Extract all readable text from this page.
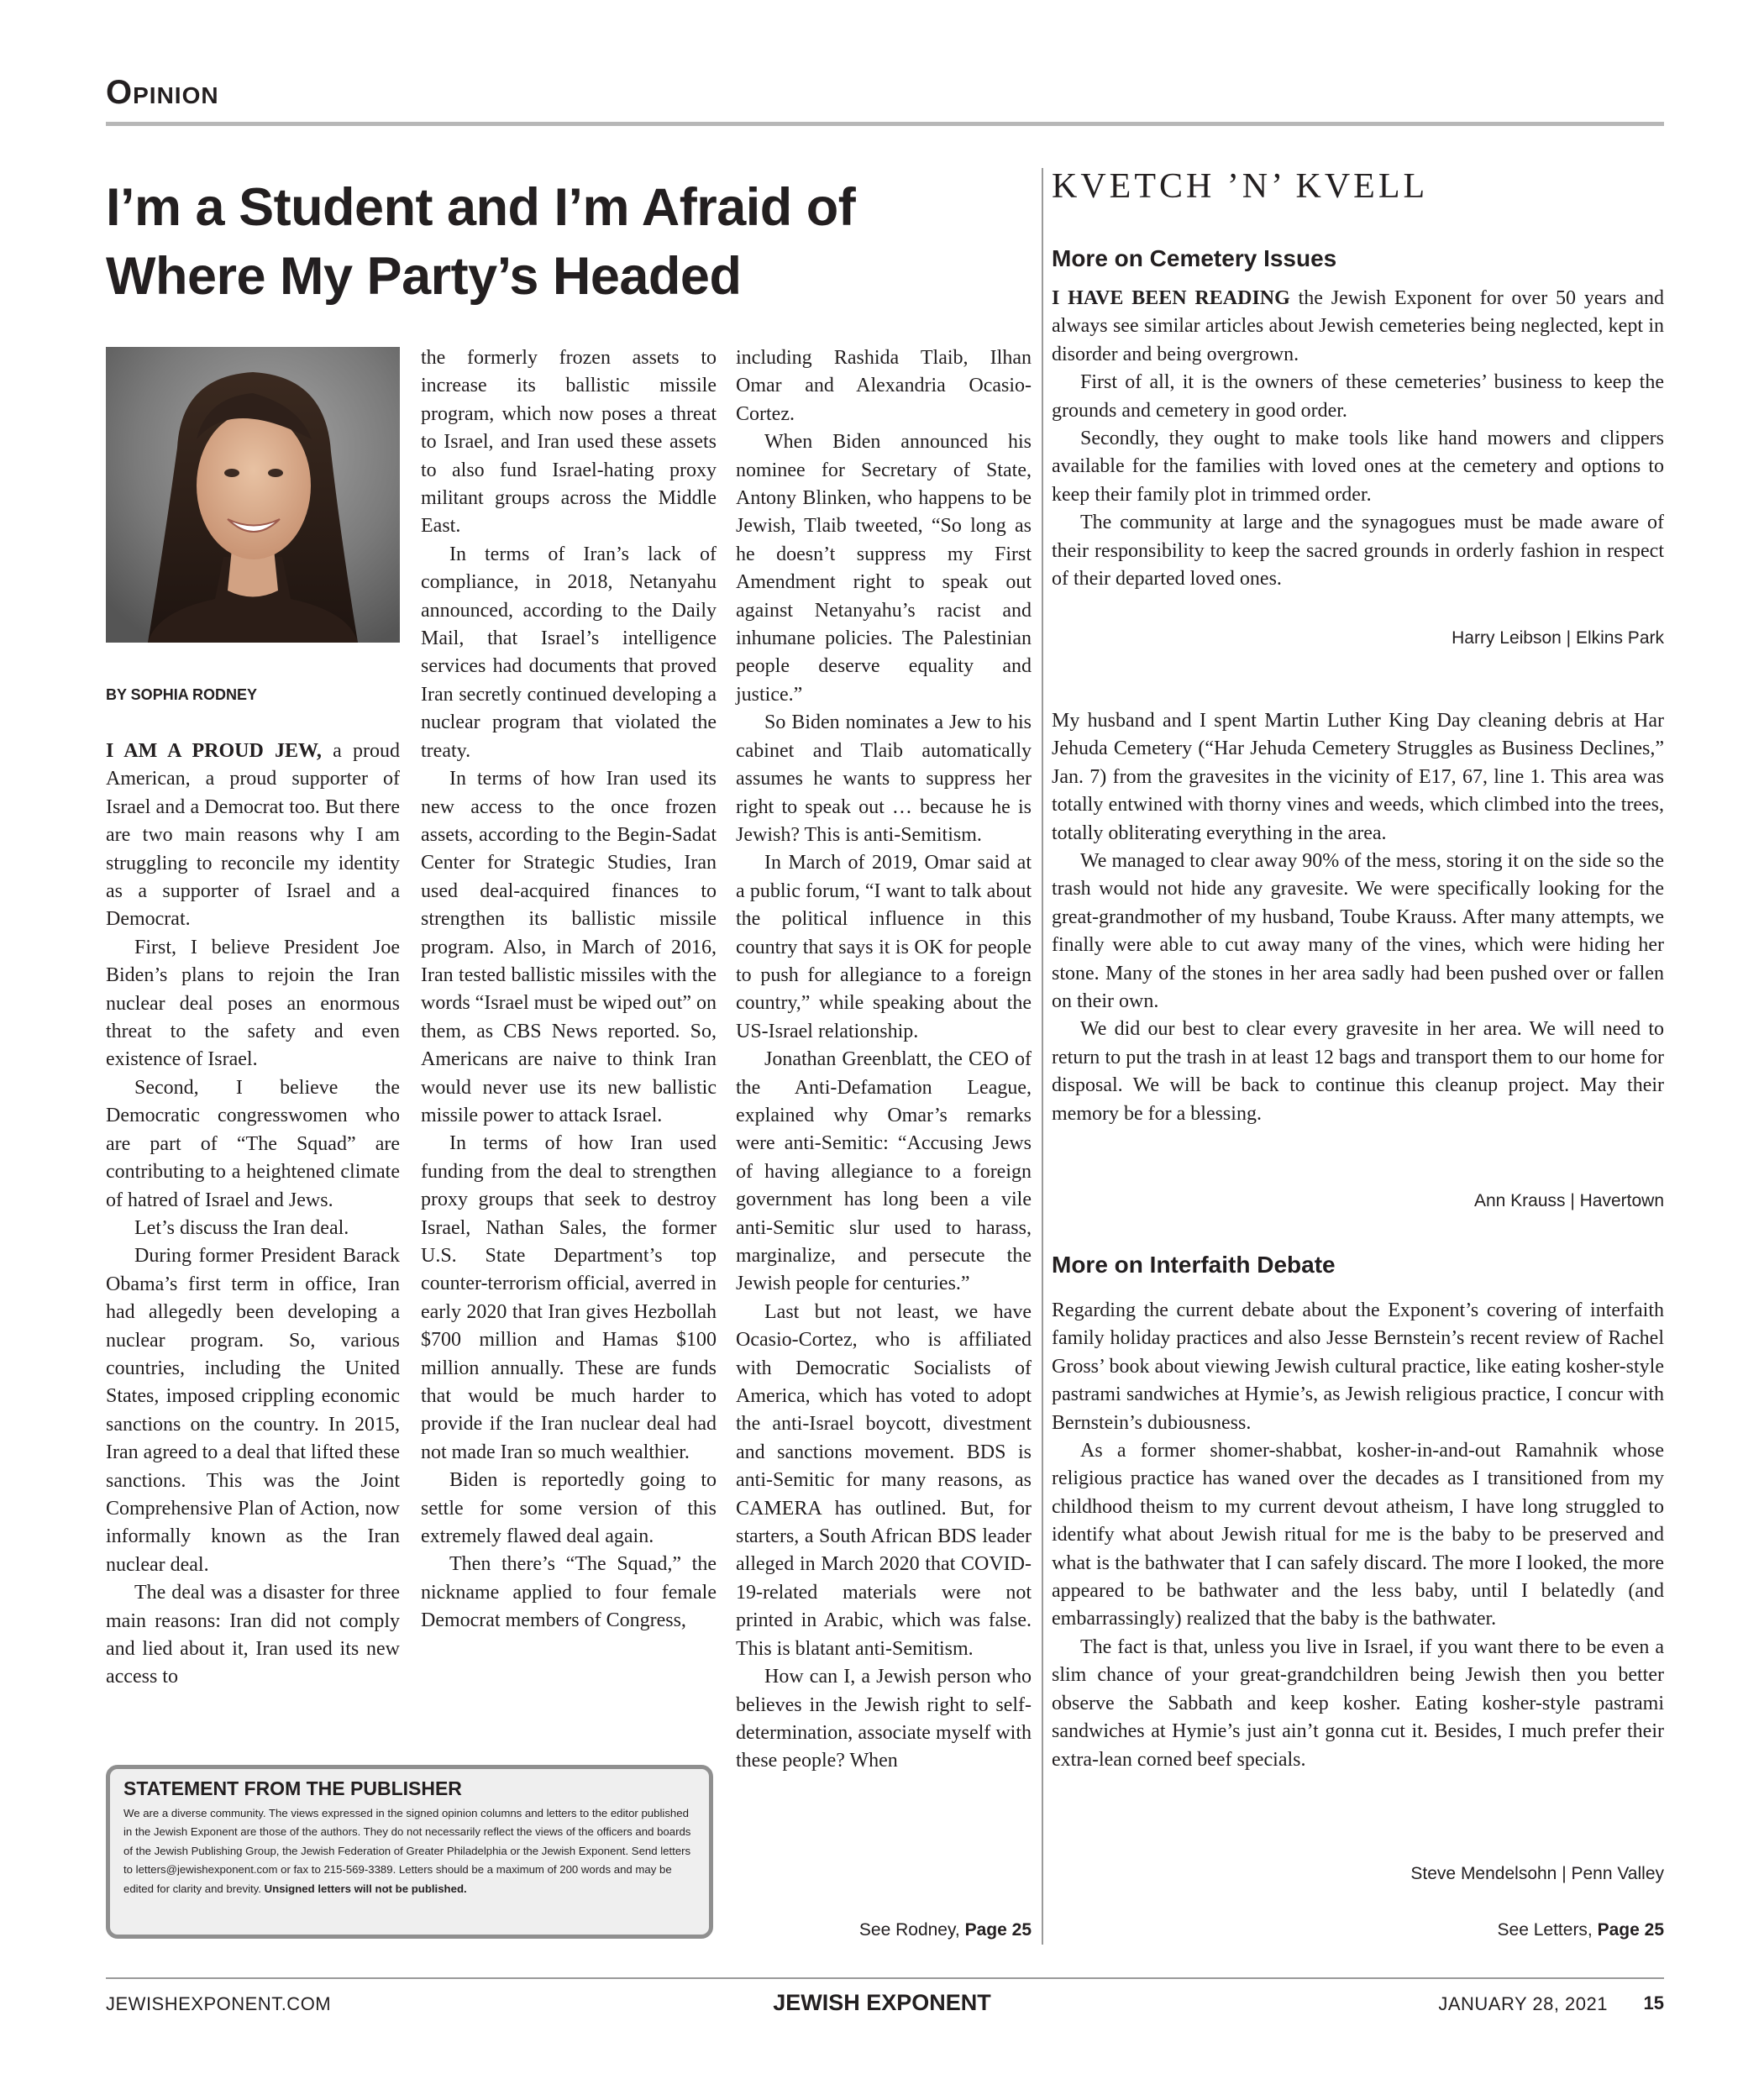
Opinion
I’m a Student and I’m Afraid of
Where My Party’s Headed
BY SOPHIA RODNEY

I AM A PROUD JEW, a proud American, a proud supporter of Israel and a Democrat too. But there are two main reasons why I am struggling to reconcile my identity as a supporter of Israel and a Democrat.

First, I believe President Joe Biden’s plans to rejoin the Iran nuclear deal poses an enormous threat to the safety and even existence of Israel.

Second, I believe the Democratic congresswomen who are part of “The Squad” are contributing to a heightened climate of hatred of Israel and Jews.

Let’s discuss the Iran deal.

During former President Barack Obama’s first term in office, Iran had allegedly been developing a nuclear program. So, various countries, including the United States, imposed crippling economic sanctions on the country. In 2015, Iran agreed to a deal that lifted these sanctions. This was the Joint Comprehensive Plan of Action, now informally known as the Iran nuclear deal.

The deal was a disaster for three main reasons: Iran did not comply and lied about it, Iran used its new access to

the formerly frozen assets to increase its ballistic missile program, which now poses a threat to Israel, and Iran used these assets to also fund Israel-hating proxy militant groups across the Middle East.

In terms of Iran’s lack of compliance, in 2018, Netanyahu announced, according to the Daily Mail, that Israel’s intelligence services had documents that proved Iran secretly continued developing a nuclear program that violated the treaty.

In terms of how Iran used its new access to the once frozen assets, according to the Begin-Sadat Center for Strategic Studies, Iran used deal-acquired finances to strengthen its ballistic missile program. Also, in March of 2016, Iran tested ballistic missiles with the words “Israel must be wiped out” on them, as CBS News reported. So, Americans are naive to think Iran would never use its new ballistic missile power to attack Israel.

In terms of how Iran used funding from the deal to strengthen proxy groups that seek to destroy Israel, Nathan Sales, the former U.S. State Department’s top counter-terrorism official, averred in early 2020 that Iran gives Hezbollah $700 million and Hamas $100 million annually. These are funds that would be much harder to provide if the Iran nuclear deal had not made Iran so much wealthier.

Biden is reportedly going to settle for some version of this extremely flawed deal again.

Then there’s “The Squad,” the nickname applied to four female Democrat members of Congress,

including Rashida Tlaib, Ilhan Omar and Alexandria Ocasio-Cortez.

When Biden announced his nominee for Secretary of State, Antony Blinken, who happens to be Jewish, Tlaib tweeted, “So long as he doesn’t suppress my First Amendment right to speak out against Netanyahu’s racist and inhumane policies. The Palestinian people deserve equality and justice.”

So Biden nominates a Jew to his cabinet and Tlaib automatically assumes he wants to suppress her right to speak out … because he is Jewish? This is anti-Semitism.

In March of 2019, Omar said at a public forum, “I want to talk about the political influence in this country that says it is OK for people to push for allegiance to a foreign country,” while speaking about the US-Israel relationship.

Jonathan Greenblatt, the CEO of the Anti-Defamation League, explained why Omar’s remarks were anti-Semitic: “Accusing Jews of having allegiance to a foreign government has long been a vile anti-Semitic slur used to harass, marginalize, and persecute the Jewish people for centuries.”

Last but not least, we have Ocasio-Cortez, who is affiliated with Democratic Socialists of America, which has voted to adopt the anti-Israel boycott, divestment and sanctions movement. BDS is anti-Semitic for many reasons, as CAMERA has outlined. But, for starters, a South African BDS leader alleged in March 2020 that COVID-19-related materials were not printed in Arabic, which was false. This is blatant anti-Semitism.

How can I, a Jewish person who believes in the Jewish right to self-determination, associate myself with these people? When

STATEMENT FROM THE PUBLISHER
We are a diverse community. The views expressed in the signed opinion columns and letters to the editor published in the Jewish Exponent are those of the authors. They do not necessarily reflect the views of the officers and boards of the Jewish Publishing Group, the Jewish Federation of Greater Philadelphia or the Jewish Exponent. Send letters to letters@jewishexponent.com or fax to 215-569-3389. Letters should be a maximum of 200 words and may be edited for clarity and brevity. Unsigned letters will not be published.
See Rodney, Page 25
KVETCH ’N’ KVELL
More on Cemetery Issues

I HAVE BEEN READING the Jewish Exponent for over 50 years and always see similar articles about Jewish cemeteries being neglected, kept in disorder and being overgrown.

First of all, it is the owners of these cemeteries’ business to keep the grounds and cemetery in good order.

Secondly, they ought to make tools like hand mowers and clippers available for the families with loved ones at the cemetery and options to keep their family plot in trimmed order.

The community at large and the synagogues must be made aware of their responsibility to keep the sacred grounds in orderly fashion in respect of their departed loved ones.

Harry Leibson | Elkins Park

My husband and I spent Martin Luther King Day cleaning debris at Har Jehuda Cemetery (“Har Jehuda Cemetery Struggles as Business Declines,” Jan. 7) from the gravesites in the vicinity of E17, 67, line 1. This area was totally entwined with thorny vines and weeds, which climbed into the trees, totally obliterating everything in the area.

We managed to clear away 90% of the mess, storing it on the side so the trash would not hide any gravesite. We were specifically looking for the great-grandmother of my husband, Toube Krauss. After many attempts, we finally were able to cut away many of the vines, which were hiding her stone. Many of the stones in her area sadly had been pushed over or fallen on their own.

We did our best to clear every gravesite in her area. We will need to return to put the trash in at least 12 bags and transport them to our home for disposal. We will be back to continue this cleanup project. May their memory be for a blessing.

Ann Krauss | Havertown
More on Interfaith Debate

Regarding the current debate about the Exponent’s covering of interfaith family holiday practices and also Jesse Bernstein’s recent review of Rachel Gross’ book about viewing Jewish cultural practice, like eating kosher-style pastrami sandwiches at Hymie’s, as Jewish religious practice, I concur with Bernstein’s dubiousness.

As a former shomer-shabbat, kosher-in-and-out Ramahnik whose religious practice has waned over the decades as I transitioned from my childhood theism to my current devout atheism, I have long struggled to identify what about Jewish ritual for me is the baby to be preserved and what is the bathwater that I can safely discard. The more I looked, the more appeared to be bathwater and the less baby, until I belatedly (and embarrassingly) realized that the baby is the bathwater.

The fact is that, unless you live in Israel, if you want there to be even a slim chance of your great-grandchildren being Jewish then you better observe the Sabbath and keep kosher. Eating kosher-style pastrami sandwiches at Hymie’s just ain’t gonna cut it. Besides, I much prefer their extra-lean corned beef specials.

Steve Mendelsohn | Penn Valley
See Letters, Page 25
JEWISHEXPONENT.COM	JEWISH EXPONENT	JANUARY 28, 2021 15
